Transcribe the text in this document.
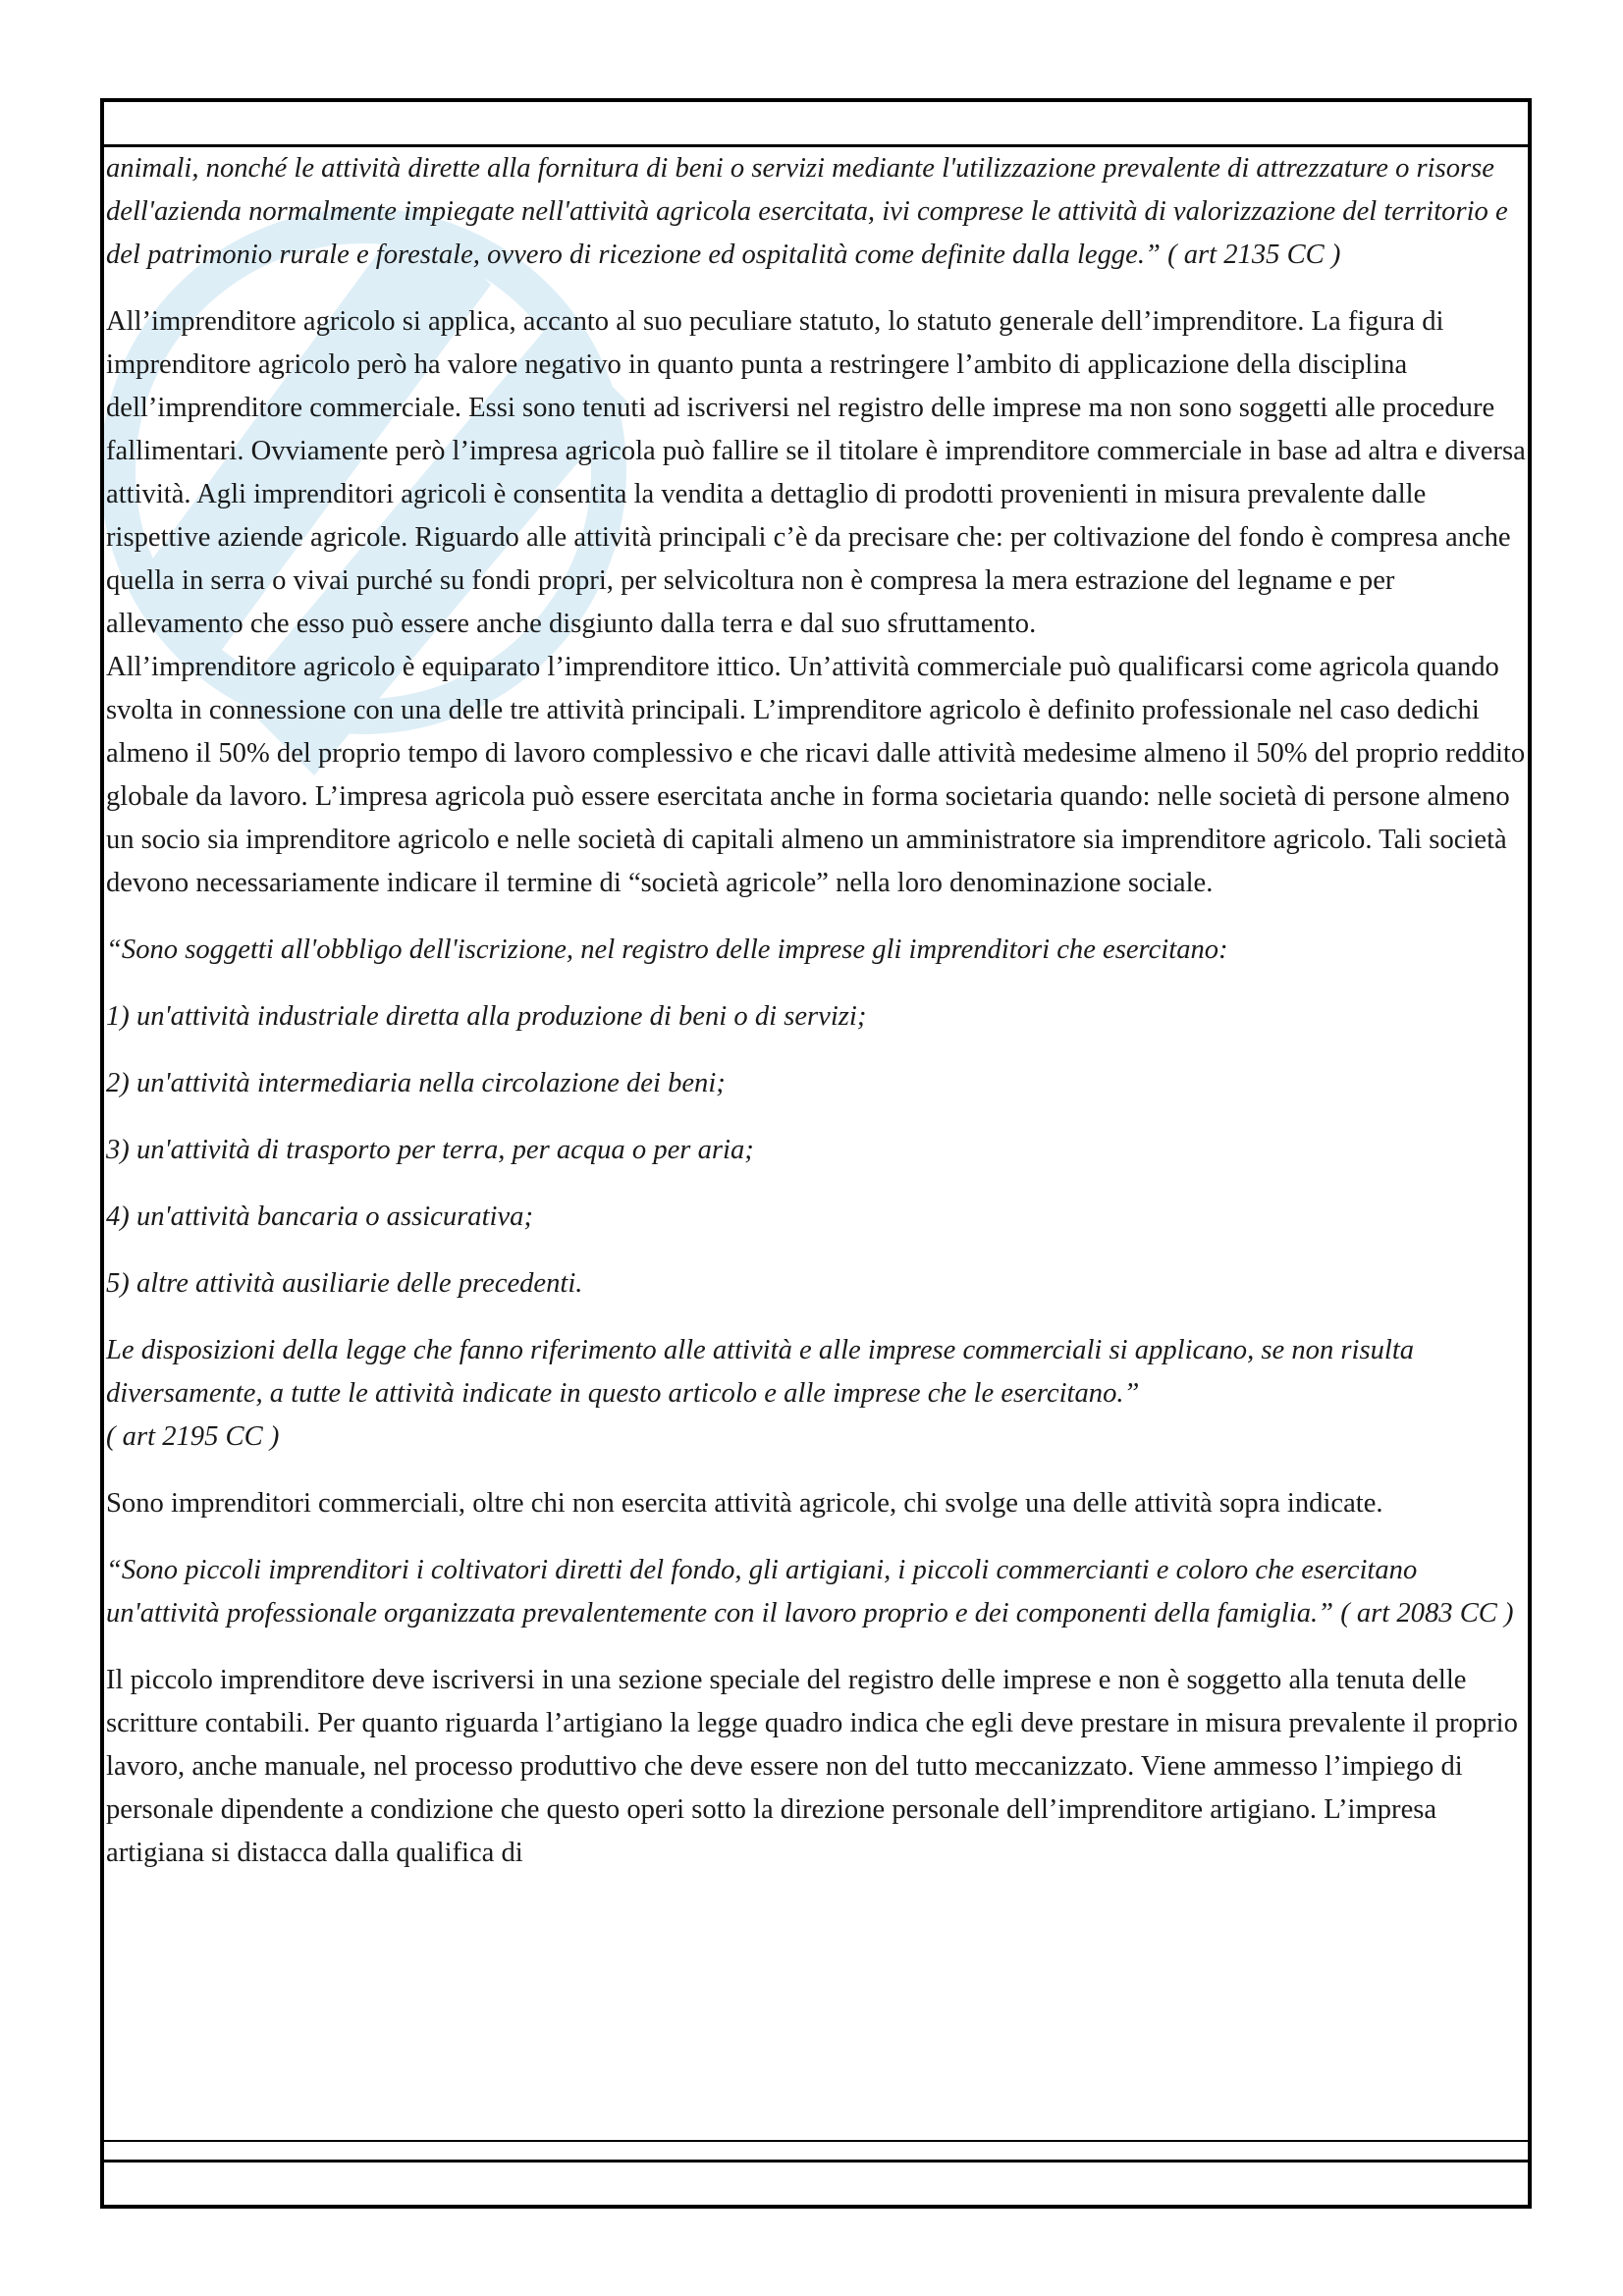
animali, nonché le attività dirette alla fornitura di beni o servizi mediante l'utilizzazione prevalente di attrezzature o risorse dell'azienda normalmente impiegate nell'attività agricola esercitata, ivi comprese le attività di valorizzazione del territorio e del patrimonio rurale e forestale, ovvero di ricezione ed ospitalità come definite dalla legge.” ( art 2135 CC )

All’imprenditore agricolo si applica, accanto al suo peculiare statuto, lo statuto generale dell’imprenditore. La figura di imprenditore agricolo però ha valore negativo in quanto punta a restringere l’ambito di applicazione della disciplina dell’imprenditore commerciale. Essi sono tenuti ad iscriversi nel registro delle imprese ma non sono soggetti alle procedure fallimentari. Ovviamente però l’impresa agricola può fallire se il titolare è imprenditore commerciale in base ad altra e diversa attività. Agli imprenditori agricoli è consentita la vendita a dettaglio di prodotti provenienti in misura prevalente dalle rispettive aziende agricole. Riguardo alle attività principali c’è da precisare che: per coltivazione del fondo è compresa anche quella in serra o vivai purché su fondi propri, per selvicoltura non è compresa la mera estrazione del legname e per allevamento che esso può essere anche disgiunto dalla terra e dal suo sfruttamento.

All’imprenditore agricolo è equiparato l’imprenditore ittico. Un’attività commerciale può qualificarsi come agricola quando svolta in connessione con una delle tre attività principali. L’imprenditore agricolo è definito professionale nel caso dedichi almeno il 50% del proprio tempo di lavoro complessivo e che ricavi dalle attività medesime almeno il 50% del proprio reddito globale da lavoro. L’impresa agricola può essere esercitata anche in forma societaria quando: nelle società di persone almeno un socio sia imprenditore agricolo e nelle società di capitali almeno un amministratore sia imprenditore agricolo. Tali società devono necessariamente indicare il termine di “società agricole” nella loro denominazione sociale.

“Sono soggetti all'obbligo dell'iscrizione, nel registro delle imprese gli imprenditori che esercitano:

1) un'attività industriale diretta alla produzione di beni o di servizi;

2) un'attività intermediaria nella circolazione dei beni;

3) un'attività di trasporto per terra, per acqua o per aria;

4) un'attività bancaria o assicurativa;

5) altre attività ausiliarie delle precedenti.

Le disposizioni della legge che fanno riferimento alle attività e alle imprese commerciali si applicano, se non risulta diversamente, a tutte le attività indicate in questo articolo e alle imprese che le esercitano.”
( art 2195 CC )

Sono imprenditori commerciali, oltre chi non esercita attività agricole, chi svolge una delle attività sopra indicate.

“Sono piccoli imprenditori i coltivatori diretti del fondo, gli artigiani, i piccoli commercianti e coloro che esercitano un'attività professionale organizzata prevalentemente con il lavoro proprio e dei componenti della famiglia.” ( art 2083 CC )

Il piccolo imprenditore deve iscriversi in una sezione speciale del registro delle imprese e non è soggetto alla tenuta delle scritture contabili. Per quanto riguarda l’artigiano la legge quadro indica che egli deve prestare in misura prevalente il proprio lavoro, anche manuale, nel processo produttivo che deve essere non del tutto meccanizzato. Viene ammesso l’impiego di personale dipendente a condizione che questo operi sotto la direzione personale dell’imprenditore artigiano. L’impresa artigiana si distacca dalla qualifica di
